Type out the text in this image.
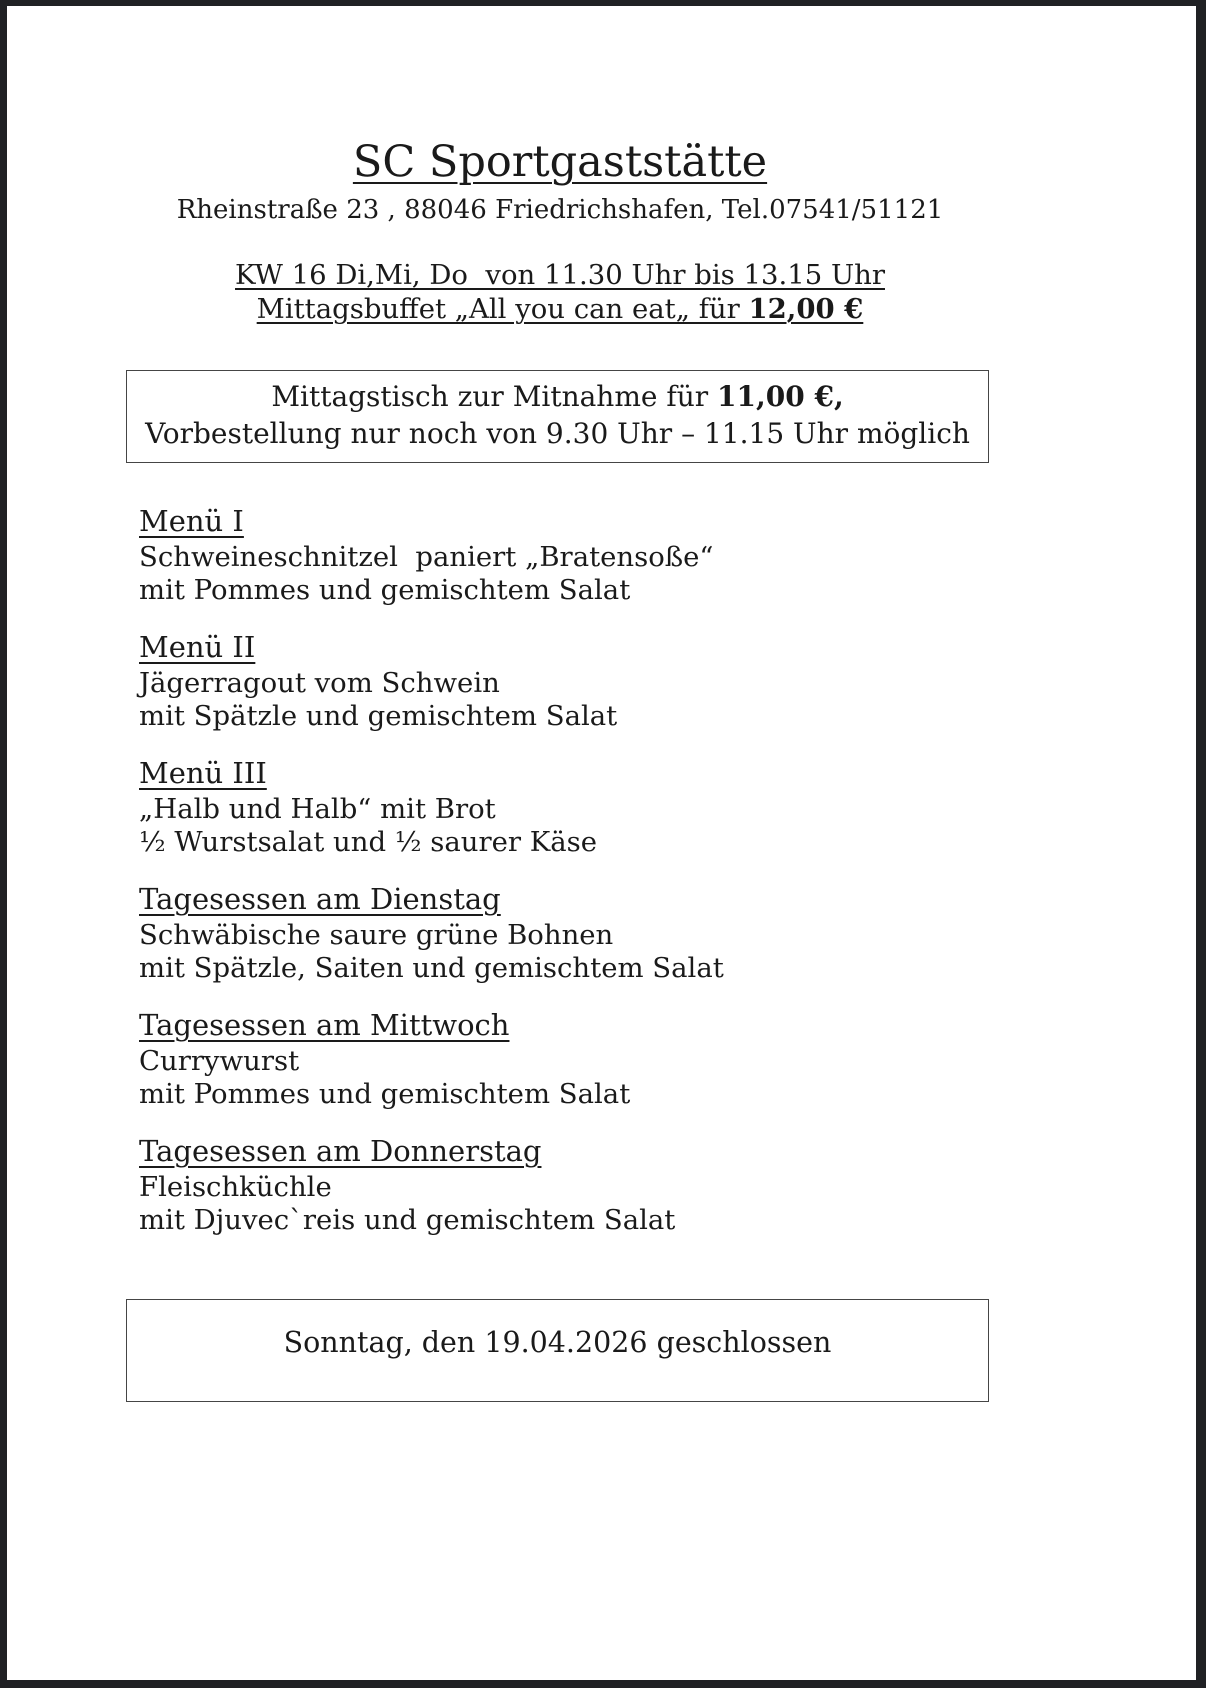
SC Sportgaststätte

Rheinstraße 23 , 88046 Friedrichshafen, Tel.07541/51121

KW 16 Di,Mi, Do  von 11.30 Uhr bis 13.15 Uhr

Mittagsbuffet „All you can eat„ für 12,00 €

Mittagstisch zur Mitnahme für 11,00 €,

Vorbestellung nur noch von 9.30 Uhr – 11.15 Uhr möglich

Menü I

Schweineschnitzel  paniert „Bratensoße“

mit Pommes und gemischtem Salat

Menü II

Jägerragout vom Schwein

mit Spätzle und gemischtem Salat

Menü III

„Halb und Halb“ mit Brot

½ Wurstsalat und ½ saurer Käse

Tagesessen am Dienstag

Schwäbische saure grüne Bohnen

mit Spätzle, Saiten und gemischtem Salat

Tagesessen am Mittwoch

Currywurst

mit Pommes und gemischtem Salat

Tagesessen am Donnerstag

Fleischküchle

mit Djuvec`reis und gemischtem Salat

Sonntag, den 19.04.2026 geschlossen
